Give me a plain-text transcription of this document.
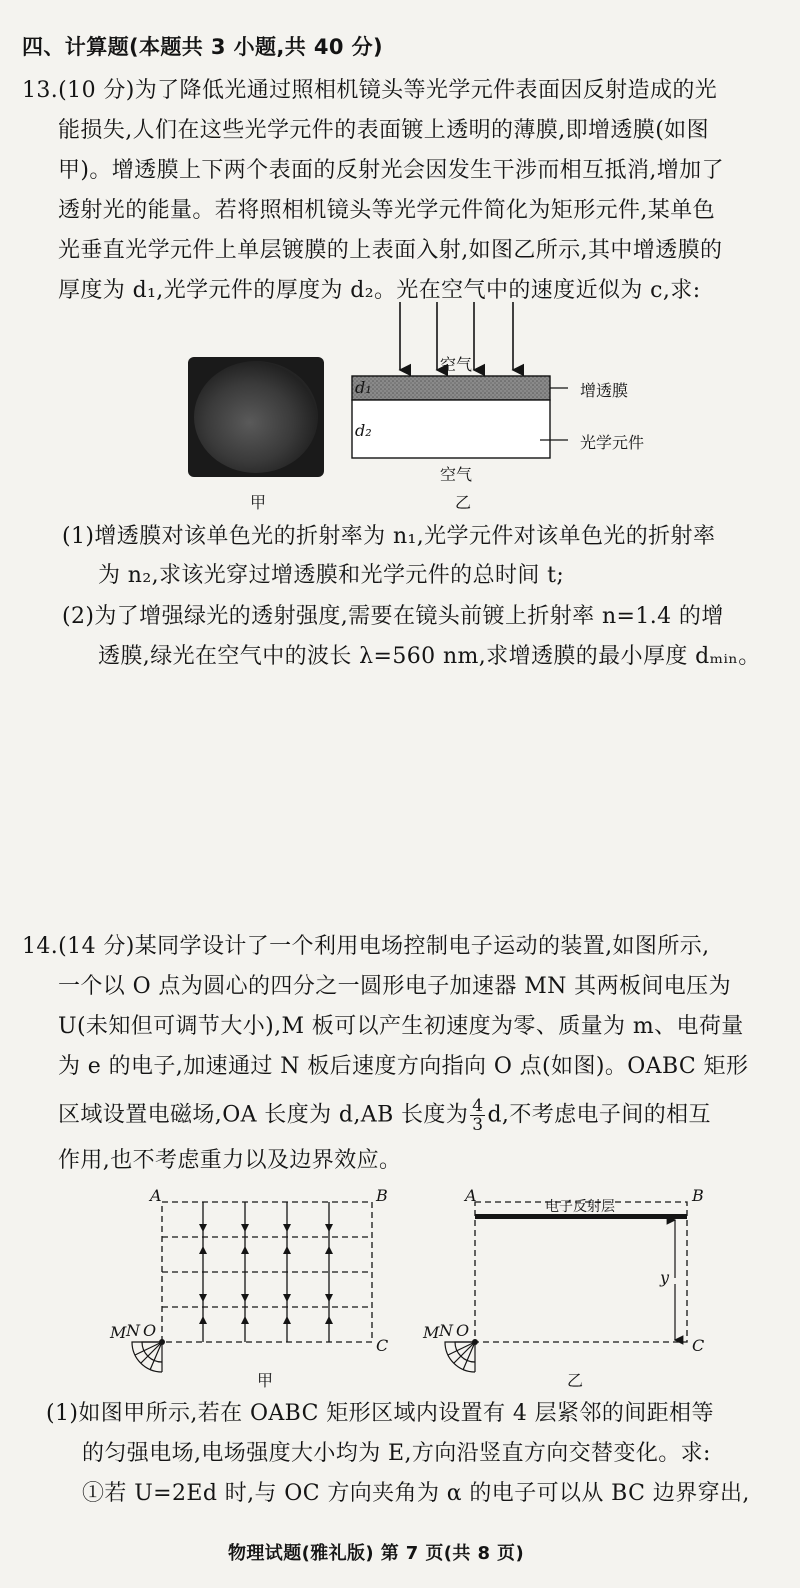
四、计算题(本题共 3 小题,共 40 分)
13.(10 分)为了降低光通过照相机镜头等光学元件表面因反射造成的光
能损失,人们在这些光学元件的表面镀上透明的薄膜,即增透膜(如图
甲)。增透膜上下两个表面的反射光会因发生干涉而相互抵消,增加了
透射光的能量。若将照相机镜头等光学元件简化为矩形元件,某单色
光垂直光学元件上单层镀膜的上表面入射,如图乙所示,其中增透膜的
厚度为 d₁,光学元件的厚度为 d₂。光在空气中的速度近似为 c,求:
甲
空气
d₁
d₂
增透膜
光学元件
空气
乙
(1)增透膜对该单色光的折射率为 n₁,光学元件对该单色光的折射率
为 n₂,求该光穿过增透膜和光学元件的总时间 t;
(2)为了增强绿光的透射强度,需要在镜头前镀上折射率 n=1.4 的增
透膜,绿光在空气中的波长 λ=560 nm,求增透膜的最小厚度 dₘᵢₙ。
14.(14 分)某同学设计了一个利用电场控制电子运动的装置,如图所示,
一个以 O 点为圆心的四分之一圆形电子加速器 MN 其两板间电压为
U(未知但可调节大小),M 板可以产生初速度为零、质量为 m、电荷量
为 e 的电子,加速通过 N 板后速度方向指向 O 点(如图)。OABC 矩形
区域设置电磁场,OA 长度为 d,AB 长度为 $\frac{4}{3} d$,不考虑电子间的相互
作用,也不考虑重力以及边界效应。
A	B
C
M N O
甲
A	B
电子反射层
y
C
M N O
乙
(1)如图甲所示,若在 OABC 矩形区域内设置有 4 层紧邻的间距相等
的匀强电场,电场强度大小均为 E,方向沿竖直方向交替变化。求:
①若 U=2Ed 时,与 OC 方向夹角为 α 的电子可以从 BC 边界穿出,
物理试题(雅礼版) 第 7 页(共 8 页)
